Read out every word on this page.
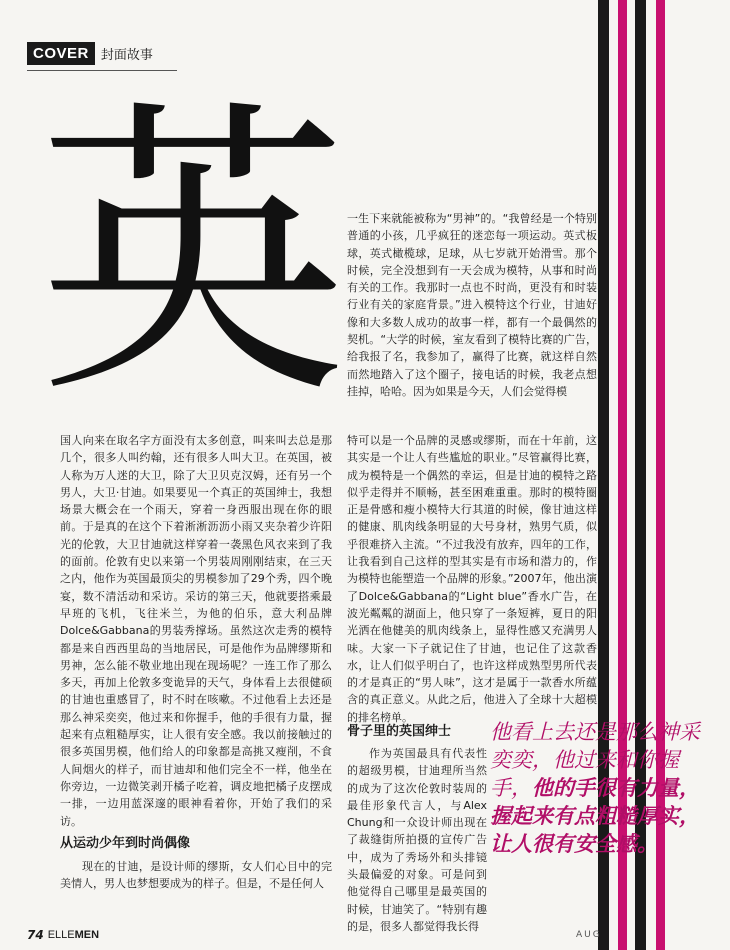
COVER 封面故事
英 一生下来就能被称为“男神”的。“我曾经是一个特别普通的小孩，几乎疯狂的迷恋每一项运动。英式板球，英式橄榄球，足球，从七岁就开始滑雪。那个时候，完全没想到有一天会成为模特，从事和时尚有关的工作。我那时一点也不时尚，更没有和时装行业有关的家庭背景。”进入模特这个行业，甘迪好像和大多数人成功的故事一样，都有一个最偶然的契机。“大学的时候，室友看到了模特比赛的广告，给我报了名，我参加了，赢得了比赛，就这样自然而然地踏入了这个圈子，接电话的时候，我老点想挂掉，哈哈。因为如果是今天，人们会觉得模

国人向来在取名字方面没有太多创意，叫来叫去总是那几个，很多人叫约翰，还有很多人叫大卫。在英国，被人称为万人迷的大卫，除了大卫贝克汉姆，还有另一个男人，大卫·甘迪。如果要见一个真正的英国绅士，我想场景大概会在一个雨天，穿着一身西服出现在你的眼前。于是真的在这个下着淅淅沥沥小雨又夹杂着少许阳光的伦敦，大卫甘迪就这样穿着一袭黑色风衣来到了我的面前。伦敦有史以来第一个男装周刚刚结束，在三天之内，他作为英国最顶尖的男模参加了29个秀，四个晚宴，数不清活动和采访。采访的第三天，他就要搭乘最早班的飞机，飞往米兰，为他的伯乐，意大利品牌Dolce&Gabbana的男装秀撑场。虽然这次走秀的模特都是来自西西里岛的当地居民，可是他作为品牌缪斯和男神，怎么能不敬业地出现在现场呢？一连工作了那么多天，再加上伦敦多变诡异的天气，身体看上去很健硕的甘迪也重感冒了，时不时在咳嗽。不过他看上去还是那么神采奕奕，他过来和你握手，他的手很有力量，握起来有点粗糙厚实，让人很有安全感。我以前接触过的很多英国男模，他们给人的印象都是高挑又瘦削，不食人间烟火的样子，而甘迪却和他们完全不一样，他坐在你旁边，一边微笑剥开橘子吃着，调皮地把橘子皮摆成一排，一边用蓝深邃的眼神看着你，开始了我们的采访。

特可以是一个品牌的灵感或缪斯，而在十年前，这其实是一个让人有些尴尬的职业。”尽管赢得比赛，成为模特是一个偶然的幸运，但是甘迪的模特之路似乎走得并不顺畅，甚至困难重重。那时的模特圈正是骨感和瘦小模特大行其道的时候，像甘迪这样的健康、肌肉线条明显的大号身材，熟男气质，似乎很难挤入主流。“不过我没有放弃，四年的工作，让我看到自己这样的型其实是有市场和潜力的，作为模特也能塑造一个品牌的形象。”2007年，他出演了Dolce&Gabbana的“Light blue”香水广告，在波光粼粼的湖面上，他只穿了一条短裤，夏日的阳光洒在他健美的肌肉线条上，显得性感又充满男人味。大家一下子就记住了甘迪，也记住了这款香水，让人们似乎明白了，也许这样成熟型男所代表的才是真正的“男人味”，这才是属于一款香水所蕴含的真正意义。从此之后，他进入了全球十大超模的排名榜单。

从运动少年到时尚偶像

现在的甘迪，是设计师的缪斯，女人们心目中的完美情人，男人也梦想要成为的样子。但是，不是任何人

骨子里的英国绅士

作为英国最具有代表性的超级男模，甘迪理所当然的成为了这次伦敦时装周的最佳形象代言人，与Alex Chung和一众设计师出现在了裁缝街所拍摄的宣传广告中，成为了秀场外和头排镜头最偏爱的对象。可是问到他觉得自己哪里是最英国的时候，甘迪笑了。“特别有趣的是，很多人都觉得我长得

他看上去还是那么神采奕奕，他过来和你握手，他的手很有力量，握起来有点粗糙厚实，让人很有安全感。
74 ELLEMEN	AUG
